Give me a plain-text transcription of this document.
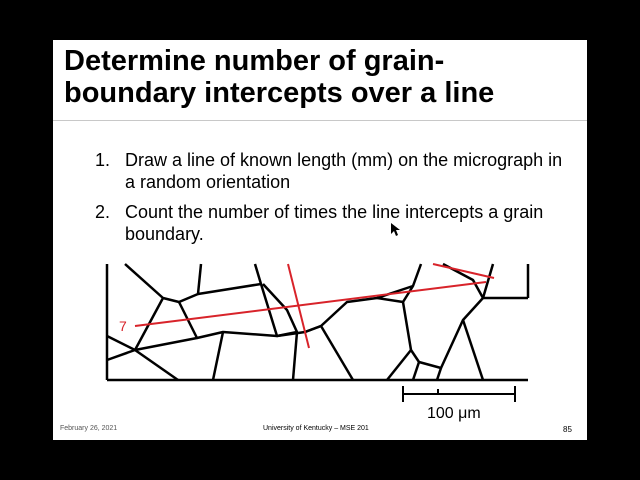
Determine number of grain-
boundary intercepts over a line
1. Draw a line of known length (mm) on the micrograph in a random orientation
2. Count the number of times the line intercepts a grain boundary.
7
100 μm
February 26, 2021	University of Kentucky – MSE 201	85
